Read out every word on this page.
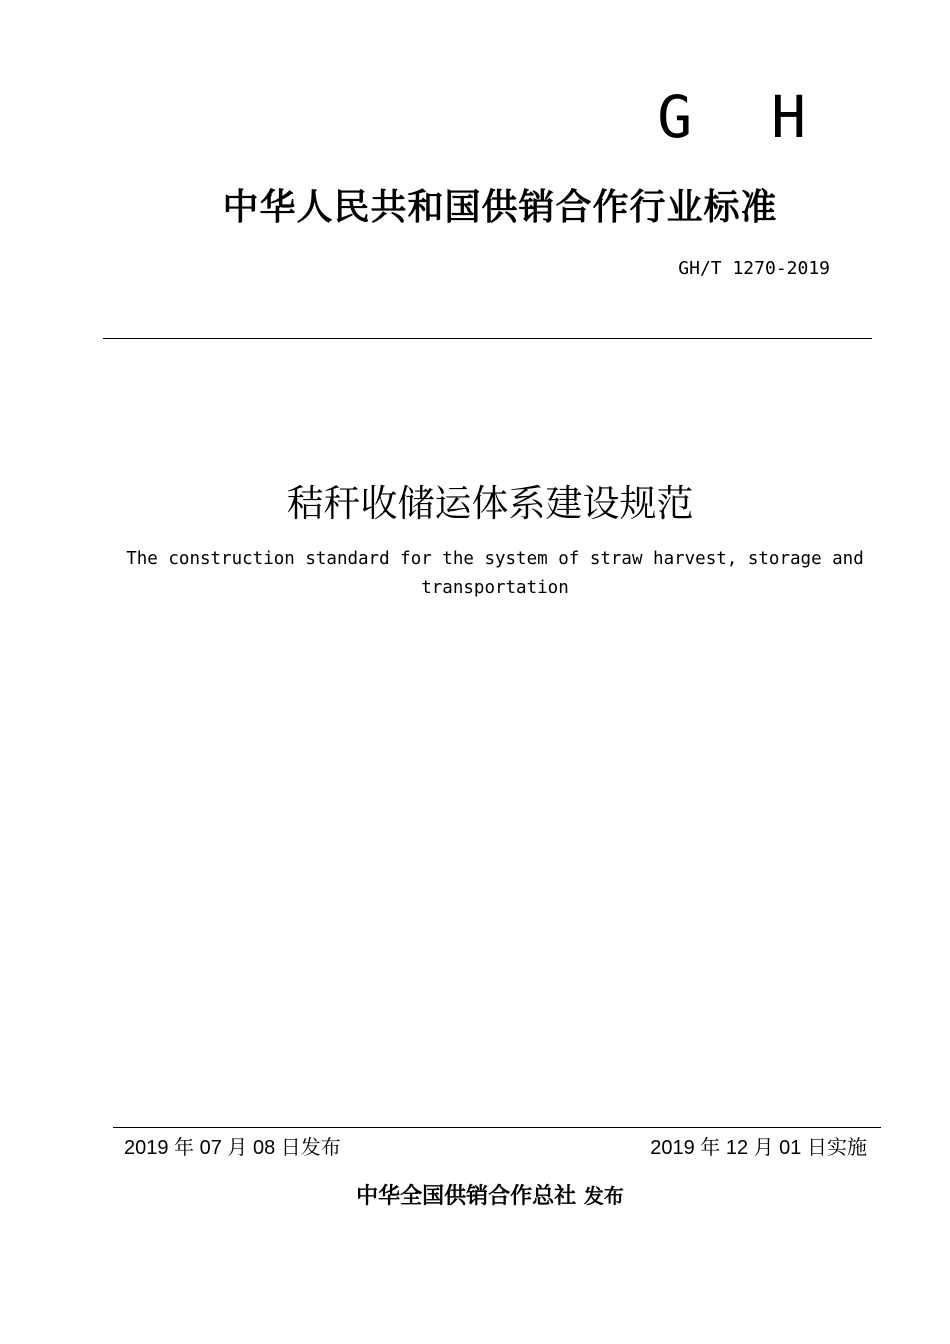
G H
中华人民共和国供销合作行业标准
GH/T 1270-2019
秸秆收储运体系建设规范
The construction standard for the system of straw harvest, storage and
transportation
2019 年 07 月 08 日发布	2019 年 12 月 01 日实施
中华全国供销合作总社 发布
